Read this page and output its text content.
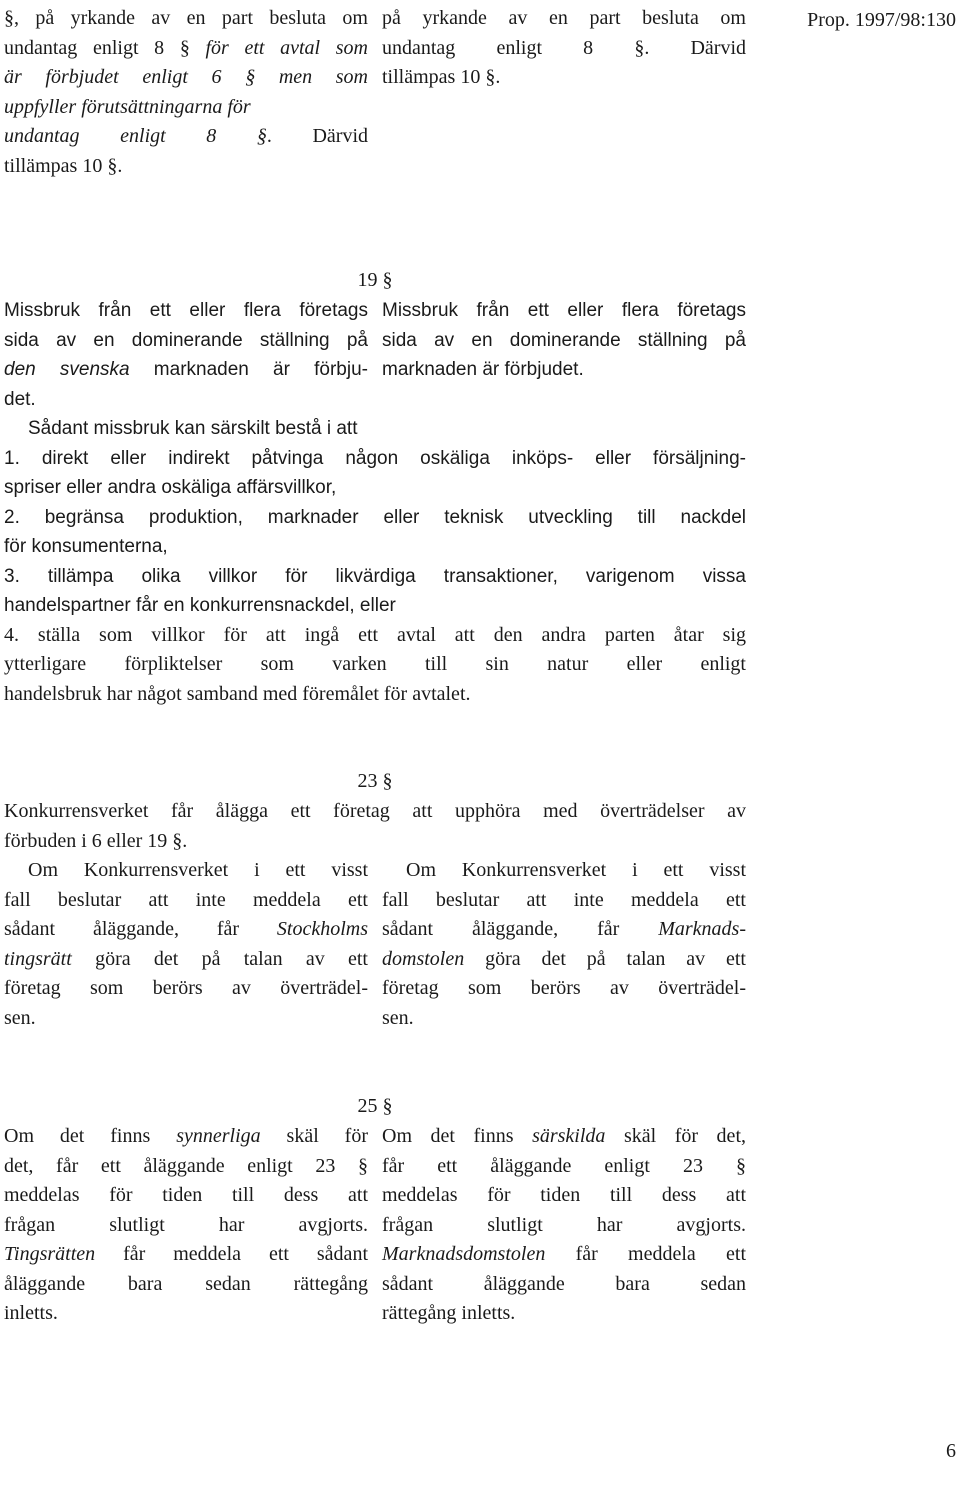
Prop. 1997/98:130
§, på yrkande av en part besluta om
undantag enligt 8 § för ett avtal som
är förbjudet enligt 6 § men som
uppfyller förutsättningarna för
undantag enligt 8 §. Därvid
tillämpas 10 §.
på yrkande av en part besluta om
undantag enligt 8 §. Därvid
tillämpas 10 §.
19 §
Missbruk från ett eller flera företags
sida av en dominerande ställning på
den svenska marknaden är förbju-
det.
Missbruk från ett eller flera företags
sida av en dominerande ställning på
marknaden är förbjudet.
Sådant missbruk kan särskilt bestå i att
1. direkt eller indirekt påtvinga någon oskäliga inköps- eller försäljning-
spriser eller andra oskäliga affärsvillkor,
2. begränsa produktion, marknader eller teknisk utveckling till nackdel
för konsumenterna,
3. tillämpa olika villkor för likvärdiga transaktioner, varigenom vissa
handelspartner får en konkurrensnackdel, eller
4. ställa som villkor för att ingå ett avtal att den andra parten åtar sig
ytterligare förpliktelser som varken till sin natur eller enligt
handelsbruk har något samband med föremålet för avtalet.
23 §
Konkurrensverket får ålägga ett företag att upphöra med överträdelser av
förbuden i 6 eller 19 §.
Om Konkurrensverket i ett visst
fall beslutar att inte meddela ett
sådant åläggande, får Stockholms
tingsrätt göra det på talan av ett
företag som berörs av överträdel-
sen.
Om Konkurrensverket i ett visst
fall beslutar att inte meddela ett
sådant åläggande, får Marknads-
domstolen göra det på talan av ett
företag som berörs av överträdel-
sen.
25 §
Om det finns synnerliga skäl för
det, får ett åläggande enligt 23 §
meddelas för tiden till dess att
frågan slutligt har avgjorts.
Tingsrätten får meddela ett sådant
åläggande bara sedan rättegång
inletts.
Om det finns särskilda skäl för det,
får ett åläggande enligt 23 §
meddelas för tiden till dess att
frågan slutligt har avgjorts.
Marknadsdomstolen får meddela ett
sådant åläggande bara sedan
rättegång inletts.
6
